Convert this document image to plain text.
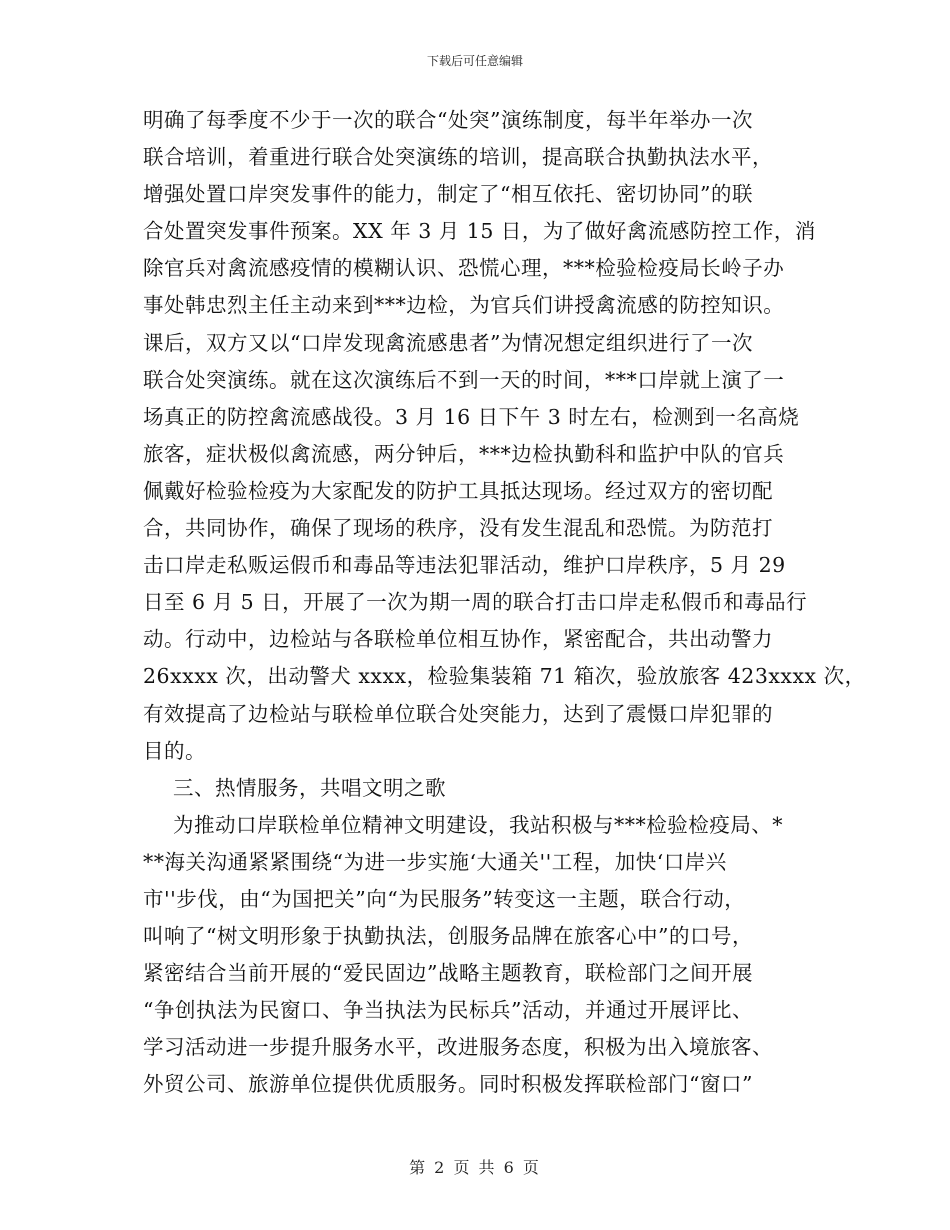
下载后可任意编辑
明确了每季度不少于一次的联合“处突”演练制度，每半年举办一次
联合培训，着重进行联合处突演练的培训，提高联合执勤执法水平，
增强处置口岸突发事件的能力，制定了“相互依托、密切协同”的联
合处置突发事件预案。XX 年 3 月 15 日，为了做好禽流感防控工作，消
除官兵对禽流感疫情的模糊认识、恐慌心理，***检验检疫局长岭子办
事处韩忠烈主任主动来到***边检，为官兵们讲授禽流感的防控知识。
课后，双方又以“口岸发现禽流感患者”为情况想定组织进行了一次
联合处突演练。就在这次演练后不到一天的时间，***口岸就上演了一
场真正的防控禽流感战役。3 月 16 日下午 3 时左右，检测到一名高烧
旅客，症状极似禽流感，两分钟后，***边检执勤科和监护中队的官兵
佩戴好检验检疫为大家配发的防护工具抵达现场。经过双方的密切配
合，共同协作，确保了现场的秩序，没有发生混乱和恐慌。为防范打
击口岸走私贩运假币和毒品等违法犯罪活动，维护口岸秩序，5 月 29
日至 6 月 5 日，开展了一次为期一周的联合打击口岸走私假币和毒品行
动。行动中，边检站与各联检单位相互协作，紧密配合，共出动警力
26xxxx 次，出动警犬 xxxx，检验集装箱 71 箱次，验放旅客 423xxxx 次，
有效提高了边检站与联检单位联合处突能力，达到了震慑口岸犯罪的
目的。
三、热情服务，共唱文明之歌
为推动口岸联检单位精神文明建设，我站积极与***检验检疫局、*
**海关沟通紧紧围绕“为进一步实施‘大通关''工程，加快‘口岸兴
市''步伐，由“为国把关”向“为民服务”转变这一主题，联合行动，
叫响了“树文明形象于执勤执法，创服务品牌在旅客心中”的口号，
紧密结合当前开展的“爱民固边”战略主题教育，联检部门之间开展
“争创执法为民窗口、争当执法为民标兵”活动，并通过开展评比、
学习活动进一步提升服务水平，改进服务态度，积极为出入境旅客、
外贸公司、旅游单位提供优质服务。同时积极发挥联检部门“窗口”
第 2 页 共 6 页
